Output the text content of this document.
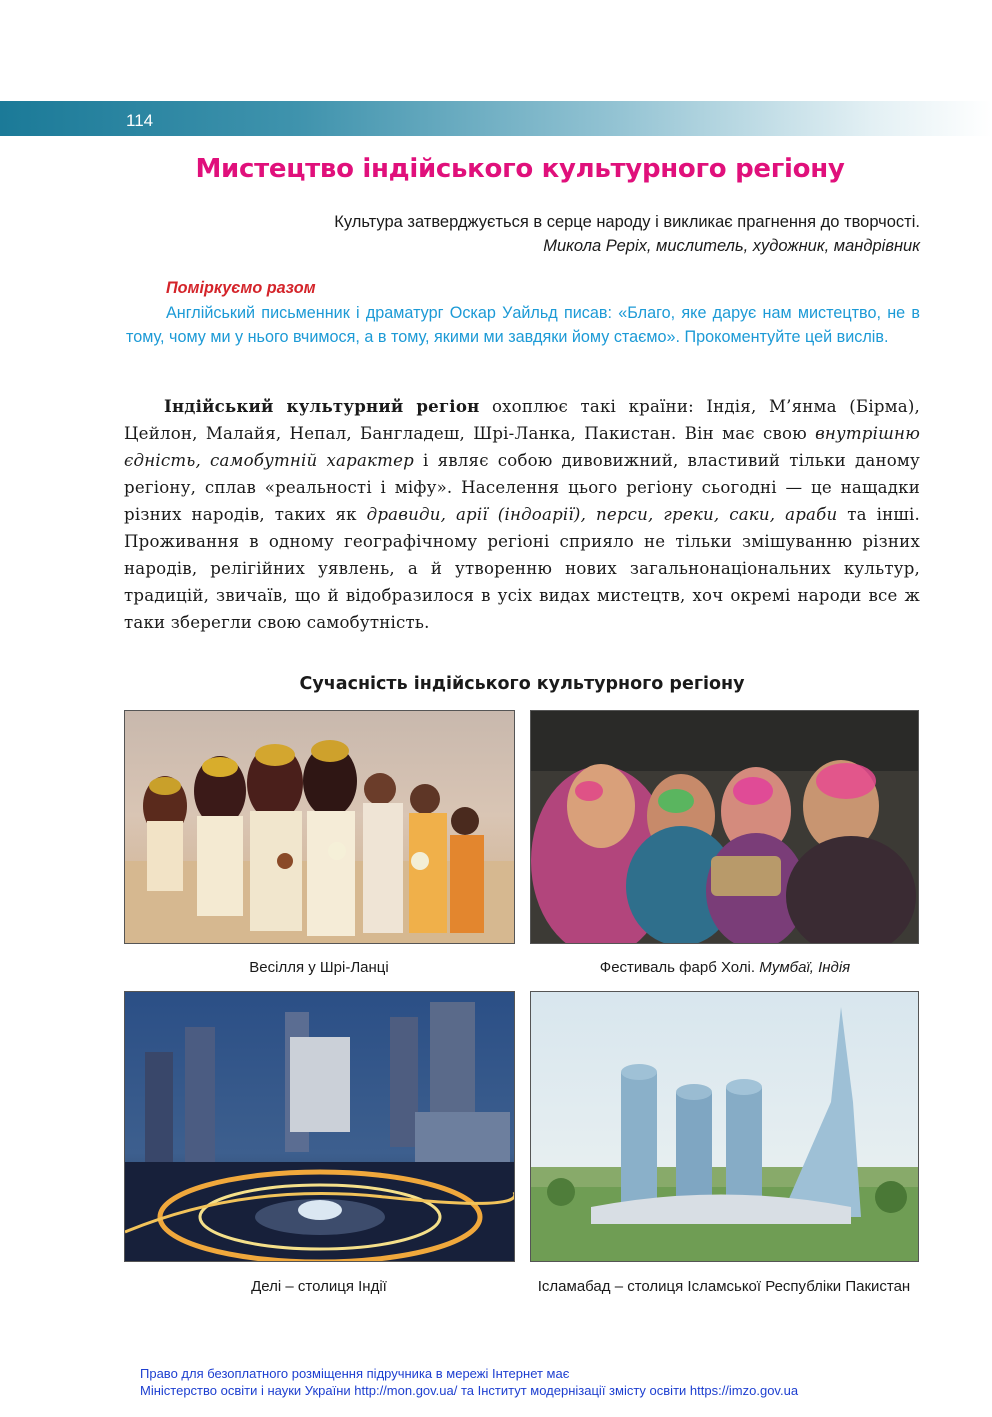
114
Мистецтво індійського культурного регіону
Культура затверджується в серце народу і викликає прагнення до творчості.
Микола Реріх, мислитель, художник, мандрівник
Поміркуємо разом
Англійський письменник і драматург Оскар Уайльд писав: «Благо, яке дарує нам мистецтво, не в тому, чому ми у нього вчимося, а в тому, якими ми завдяки йому стаємо». Прокоментуйте цей вислів.

Індійський культурний регіон охоплює такі країни: Індія, М’янма (Бірма), Цейлон, Малайя, Непал, Бангладеш, Шрі-Ланка, Пакистан. Він має свою внутрішню єдність, самобутній характер і являє собою дивовижний, властивий тільки даному регіону, сплав «реальності і міфу». Населення цього регіону сьогодні — це нащадки різних народів, таких як дравиди, арії (індоарії), перси, греки, саки, араби та інші. Проживання в одному географічному регіоні сприяло не тільки змішуванню різних народів, релігійних уявлень, а й утворенню нових загальнонаціональних культур, традицій, звичаїв, що й відобразилося в усіх видах мистецтв, хоч окремі народи все ж таки зберегли свою самобутність.

Сучасність індійського культурного регіону
Весілля у Шрі-Ланці	Фестиваль фарб Холі. Мумбаї, Індія
Делі – столиця Індії	Ісламабад – столиця Ісламської Республіки Пакистан
Право для безоплатного розміщення підручника в мережі Інтернет має
Міністерство освіти і науки України http://mon.gov.ua/ та Інститут модернізації змісту освіти https://imzo.gov.ua
